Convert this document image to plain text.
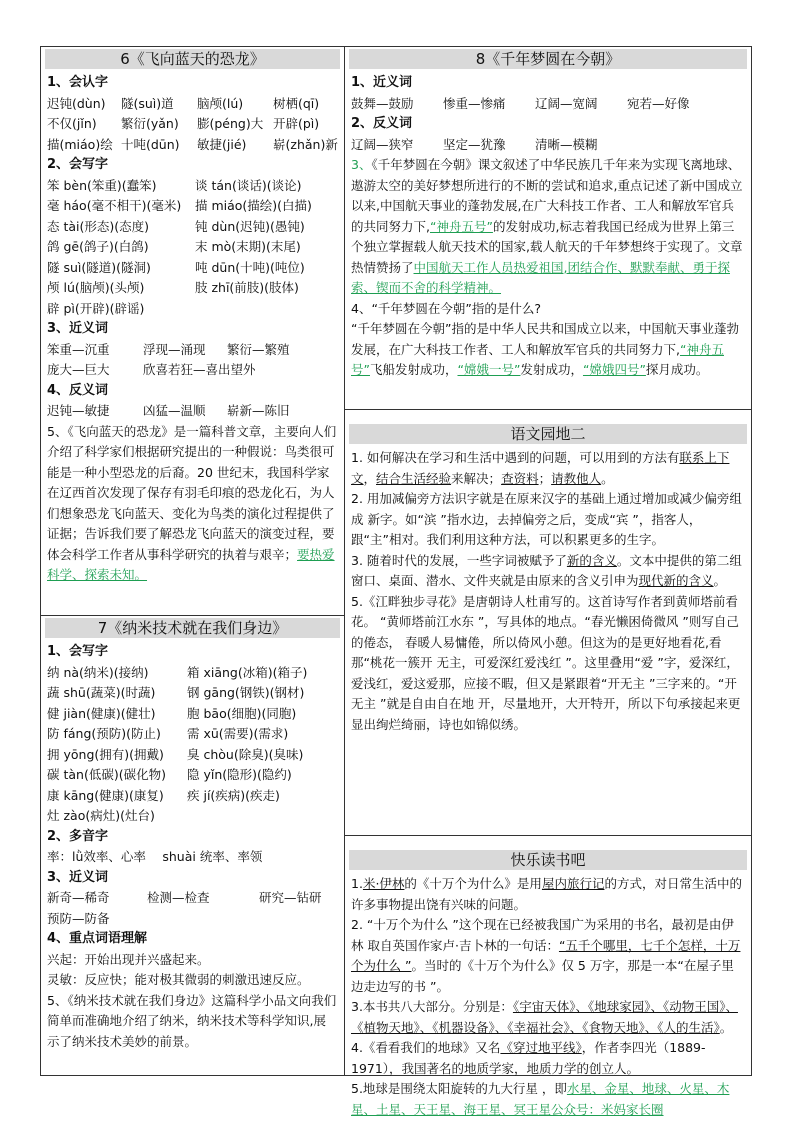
6《飞向蓝天的恐龙》
1、会认字
迟钝(dùn) 隧(suì)道 脑颅(lú) 树栖(qī)
不仅(jǐn) 繁衍(yǎn) 膨(péng)大 开辟(pì)
描(miáo)绘 十吨(dūn) 敏捷(jié) 崭(zhǎn)新
2、会写字
笨 bèn(笨重)(蠢笨)	谈 tán(谈话)(谈论)
毫 háo(毫不相干)(毫米) 描 miáo(描绘)(白描)
态 tài(形态)(态度)	钝 dùn(迟钝)(愚钝)
鸽 gē(鸽子)(白鸽)	末 mò(末期)(末尾)
隧 suì(隧道)(隧洞)	吨 dūn(十吨)(吨位)
颅 lú(脑颅)(头颅)	肢 zhī(前肢)(肢体)
辟 pì(开辟)(辟谣)
3、近义词
笨重—沉重	浮现—涌现 繁衍—繁殖
庞大—巨大	欣喜若狂—喜出望外
4、反义词
迟钝—敏捷	凶猛—温顺 崭新—陈旧
5、《飞向蓝天的恐龙》是一篇科普文章，主要向人们介绍了科学家们根据研究提出的一种假说：鸟类很可能是一种小型恐龙的后裔。20 世纪末，我国科学家在辽西首次发现了保存有羽毛印痕的恐龙化石，为人们想象恐龙飞向蓝天、变化为鸟类的演化过程提供了证据；告诉我们要了解恐龙飞向蓝天的演变过程，要体会科学工作者从事科学研究的执着与艰辛；要热爱科学、探索未知。
7《纳米技术就在我们身边》
1、会写字
纳 nà(纳米)(接纳)	箱 xiāng(冰箱)(箱子)
蔬 shū(蔬菜)(时蔬)	钢 gāng(钢铁)(钢材)
健 jiàn(健康)(健壮)	胞 bāo(细胞)(同胞)
防 fáng(预防)(防止) 需 xū(需要)(需求)
拥 yōng(拥有)(拥戴) 臭 chòu(除臭)(臭味)
碳 tàn(低碳)(碳化物) 隐 yǐn(隐形)(隐约)
康 kāng(健康)(康复) 疾 jí(疾病)(疾走)
灶 zào(病灶)(灶台)
2、多音字
率：lǜ效率、心率　 shuài 统率、率领
3、近义词
新奇—稀奇	检测—检查	研究—钻研
预防—防备
4、重点词语理解
兴起：开始出现并兴盛起来。
灵敏：反应快；能对极其微弱的刺激迅速反应。
5、《纳米技术就在我们身边》这篇科学小品文向我们简单而准确地介绍了纳米，纳米技术等科学知识,展示了纳米技术美妙的前景。
8《千年梦圆在今朝》
1、近义词
鼓舞—鼓励 惨重—惨痛 辽阔—宽阔 宛若—好像
2、反义词
辽阔—狭窄 坚定—犹豫 清晰—模糊
3、《千年梦圆在今朝》课文叙述了中华民族几千年来为实现飞离地球、遨游太空的美好梦想所进行的不断的尝试和追求,重点记述了新中国成立以来,中国航天事业的蓬勃发展,在广大科技工作者、工人和解放军官兵的共同努力下,“神舟五号”的发射成功,标志着我国已经成为世界上第三个独立掌握载人航天技术的国家,载人航天的千年梦想终于实现了。文章热情赞扬了中国航天工作人员热爱祖国,团结合作、默默奉献、勇于探索、锲而不舍的科学精神。
4、“千年梦圆在今朝”指的是什么?
“千年梦圆在今朝”指的是中华人民共和国成立以来，中国航天事业蓬勃发展，在广大科技工作者、工人和解放军官兵的共同努力下,“神舟五号”飞船发射成功，“嫦娥一号”发射成功，“嫦娥四号”探月成功。
语文园地二
1. 如何解决在学习和生活中遇到的问题，可以用到的方法有联系上下文，结合生活经验来解决；查资料；请教他人。
2. 用加减偏旁方法识字就是在原来汉字的基础上通过增加或减少偏旁组成 新字。如“滨 ”指水边，去掉偏旁之后，变成“宾 ”，指客人，跟“主”相对。我们利用这种方法，可以积累更多的生字。
3. 随着时代的发展，一些字词被赋予了新的含义。文本中提供的第二组窗口、桌面、潜水、文件夹就是由原来的含义引申为现代新的含义。
5.《江畔独步寻花》是唐朝诗人杜甫写的。这首诗写作者到黄师塔前看花。 “黄师塔前江水东 ”，写具体的地点。“春光懒困倚微风 ”则写自己的倦态， 春暖人易慵倦，所以倚风小憩。但这为的是更好地看花,看那“桃花一簇开 无主，可爱深红爱浅红 ”。这里叠用“爱 ”字，爱深红，爱浅红，爱这爱那，应接不暇，但又是紧跟着“开无主 ”三字来的。“开无主 ”就是自由自在地 开，尽量地开，大开特开，所以下句承接起来更显出绚烂绮丽，诗也如锦似绣。
快乐读书吧
1.米·伊林的《十万个为什么》是用屋内旅行记的方式，对日常生活中的许多事物提出饶有兴味的问题。
2. “十万个为什么 ”这个现在已经被我国广为采用的书名，最初是由伊林 取自英国作家卢·吉卜林的一句话：“五千个哪里，七千个怎样，十万个为什么 ”。当时的《十万个为什么》仅 5 万字，那是一本“在屋子里边走边写的书 ”。
3.本书共八大部分。分别是：《宇宙天体》、《地球家园》、《动物王国》、《植物天地》、《机器设备》、《幸福社会》、《食物天地》、《人的生活》。
4.《看看我们的地球》又名《穿过地平线》，作者李四光（1889-1971），我国著名的地质学家，地质力学的创立人。
5.地球是围绕太阳旋转的九大行星 ，即水星、金星、地球、火星、木星、土星、天王星、海王星、冥王星公众号：米妈家长圈
